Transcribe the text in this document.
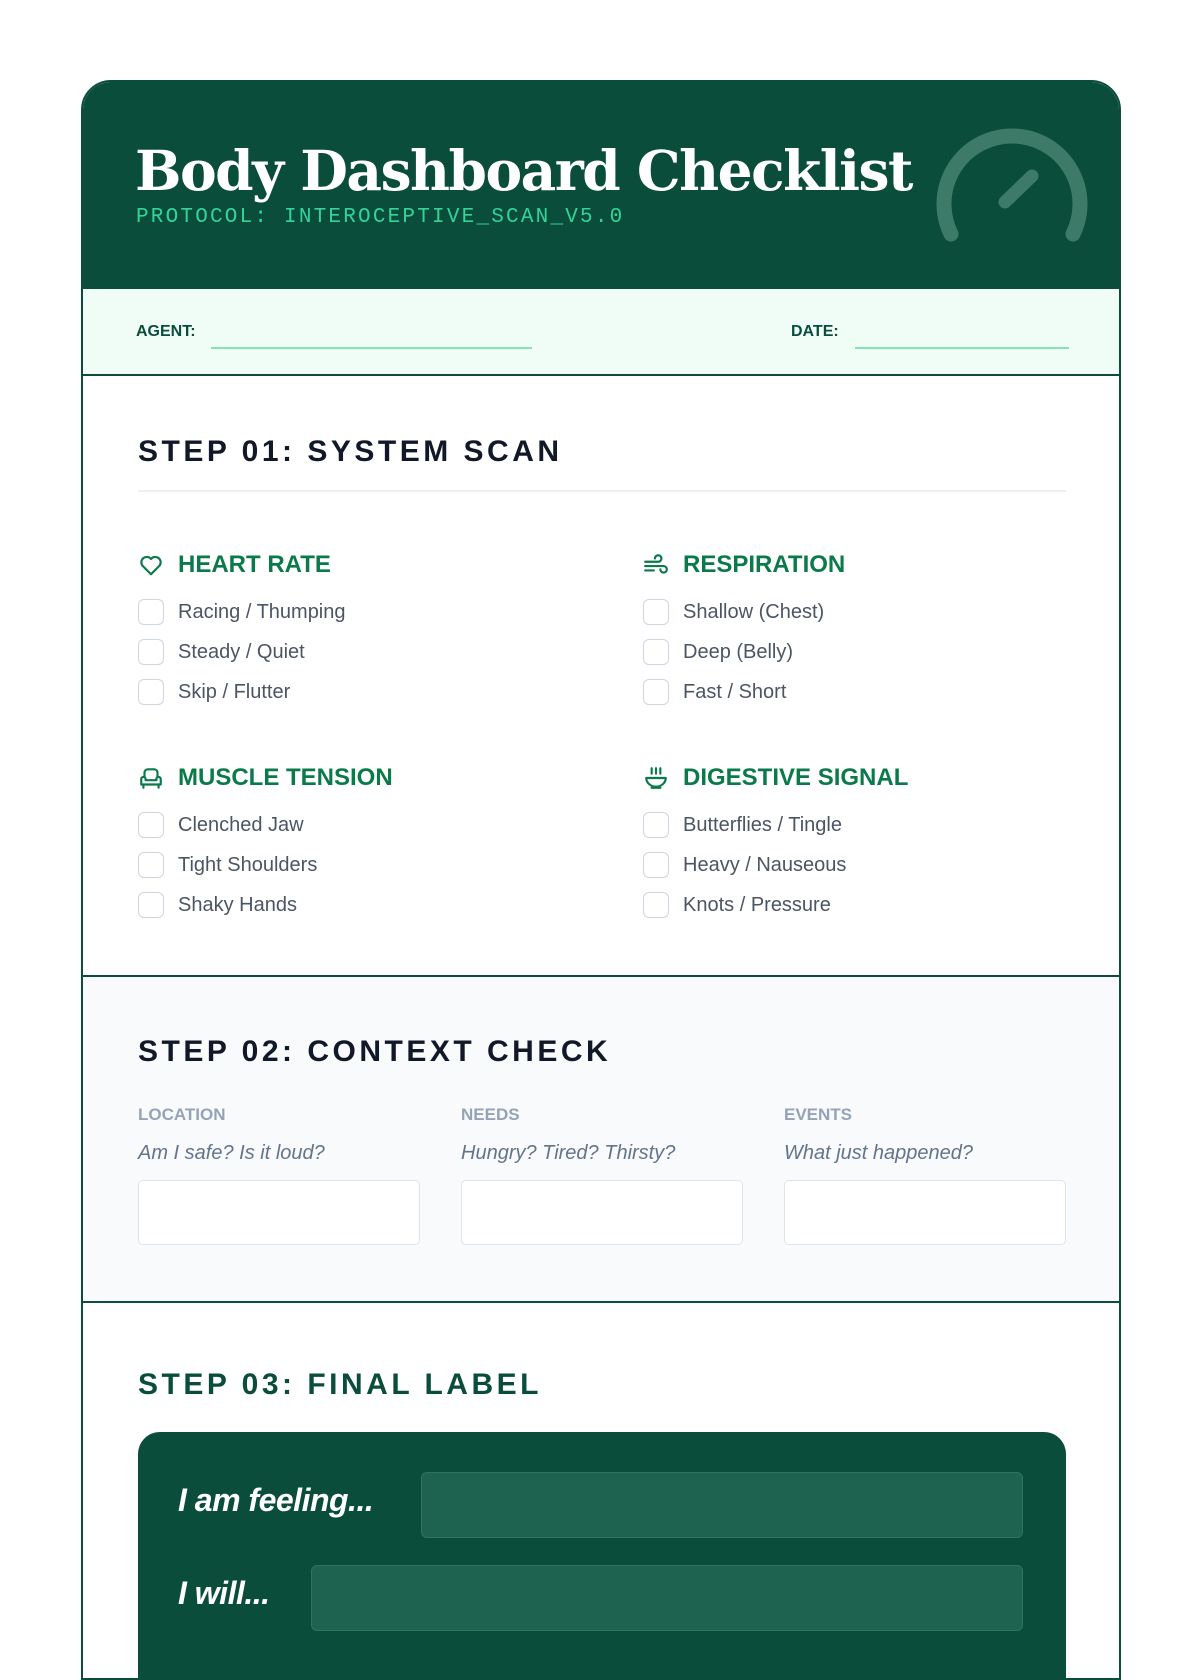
Body Dashboard Checklist
PROTOCOL: INTEROCEPTIVE_SCAN_V5.0
AGENT:	DATE:
STEP 01: SYSTEM SCAN
HEART RATE
Racing / Thumping
Steady / Quiet
Skip / Flutter
RESPIRATION
Shallow (Chest)
Deep (Belly)
Fast / Short
MUSCLE TENSION
Clenched Jaw
Tight Shoulders
Shaky Hands
DIGESTIVE SIGNAL
Butterflies / Tingle
Heavy / Nauseous
Knots / Pressure
STEP 02: CONTEXT CHECK
LOCATION
Am I safe? Is it loud?
NEEDS
Hungry? Tired? Thirsty?
EVENTS
What just happened?
STEP 03: FINAL LABEL
I am feeling...
I will...
